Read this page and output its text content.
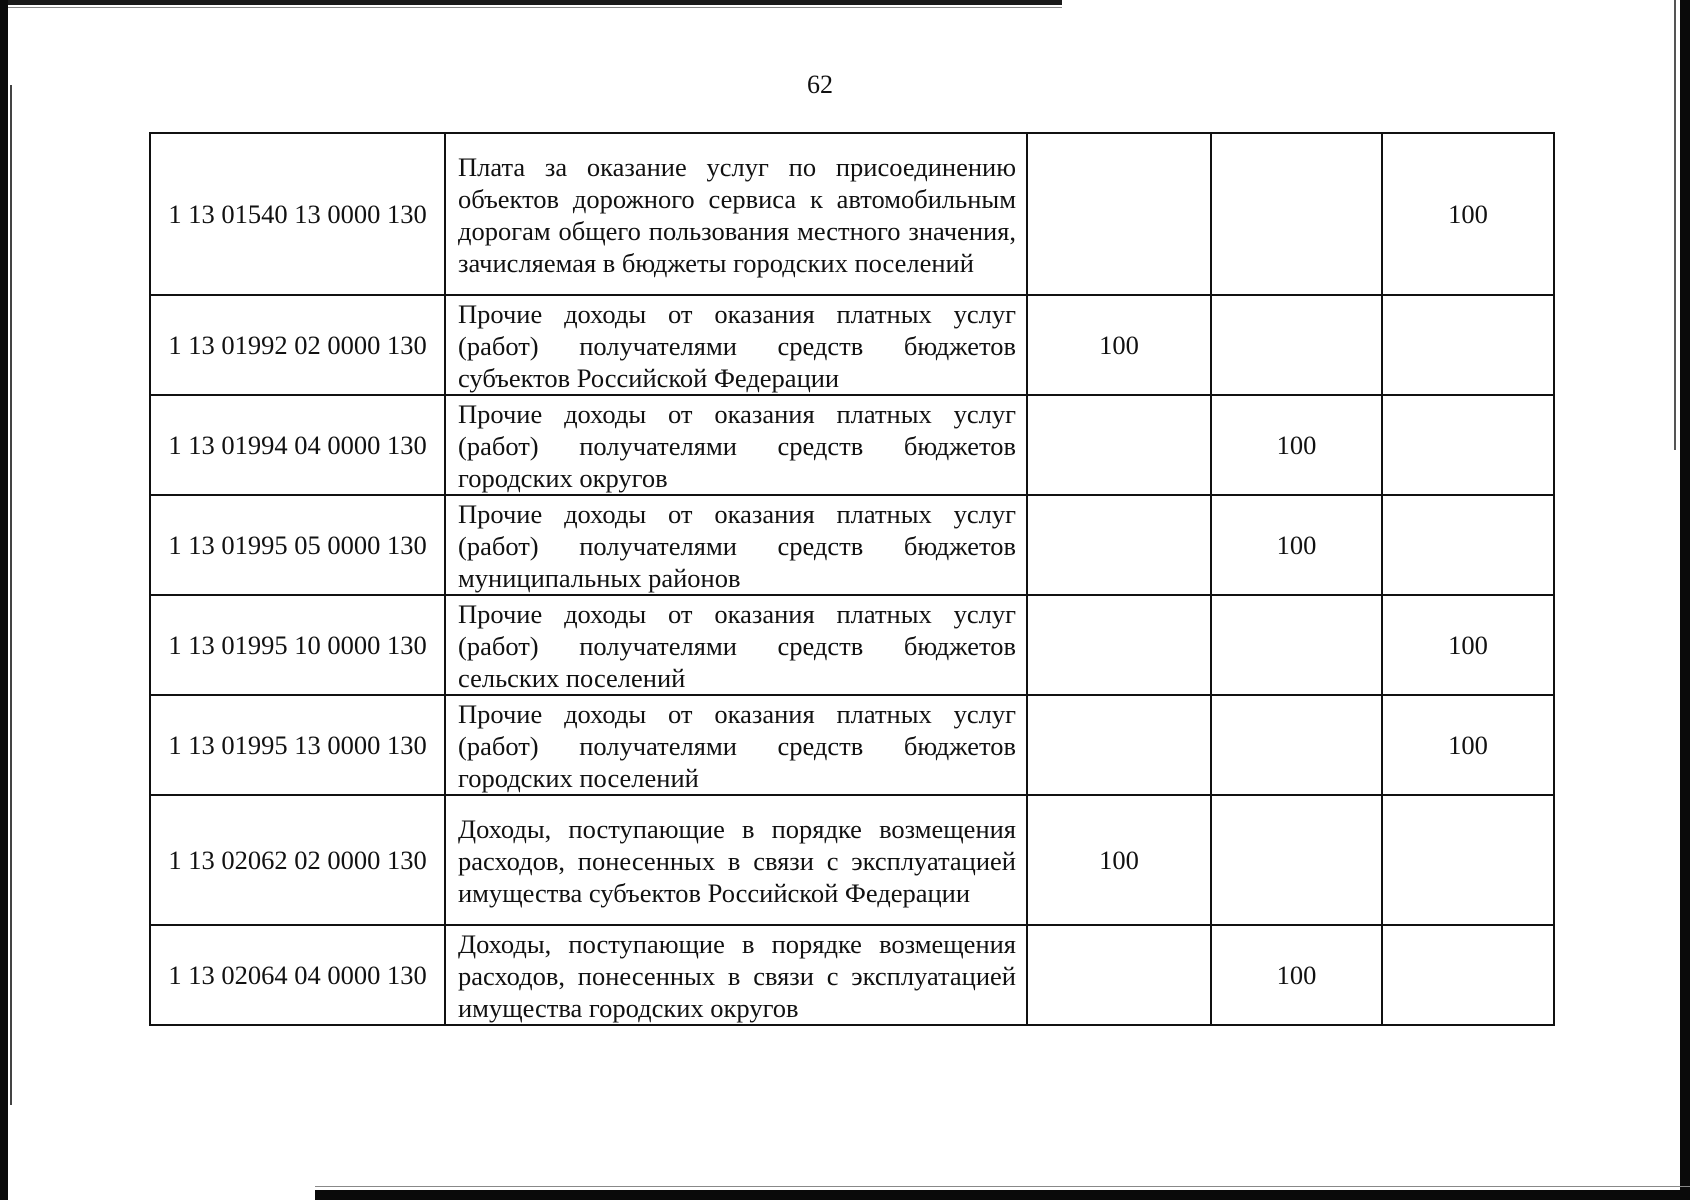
62
1 13 01540 13 0000 130	Плата за оказание услуг по присоединению объектов дорожного сервиса к автомобильным дорогам общего пользования местного значения, зачисляемая в бюджеты городских поселений			100
1 13 01992 02 0000 130	Прочие доходы от оказания платных услуг (работ) получателями средств бюджетов субъектов Российской Федерации	100		
1 13 01994 04 0000 130	Прочие доходы от оказания платных услуг (работ) получателями средств бюджетов городских округов		100	
1 13 01995 05 0000 130	Прочие доходы от оказания платных услуг (работ) получателями средств бюджетов муниципальных районов		100	
1 13 01995 10 0000 130	Прочие доходы от оказания платных услуг (работ) получателями средств бюджетов сельских поселений			100
1 13 01995 13 0000 130	Прочие доходы от оказания платных услуг (работ) получателями средств бюджетов городских поселений			100
1 13 02062 02 0000 130	Доходы, поступающие в порядке возмещения расходов, понесенных в связи с эксплуатацией имущества субъектов Российской Федерации	100		
1 13 02064 04 0000 130	Доходы, поступающие в порядке возмещения расходов, понесенных в связи с эксплуатацией имущества городских округов		100	
